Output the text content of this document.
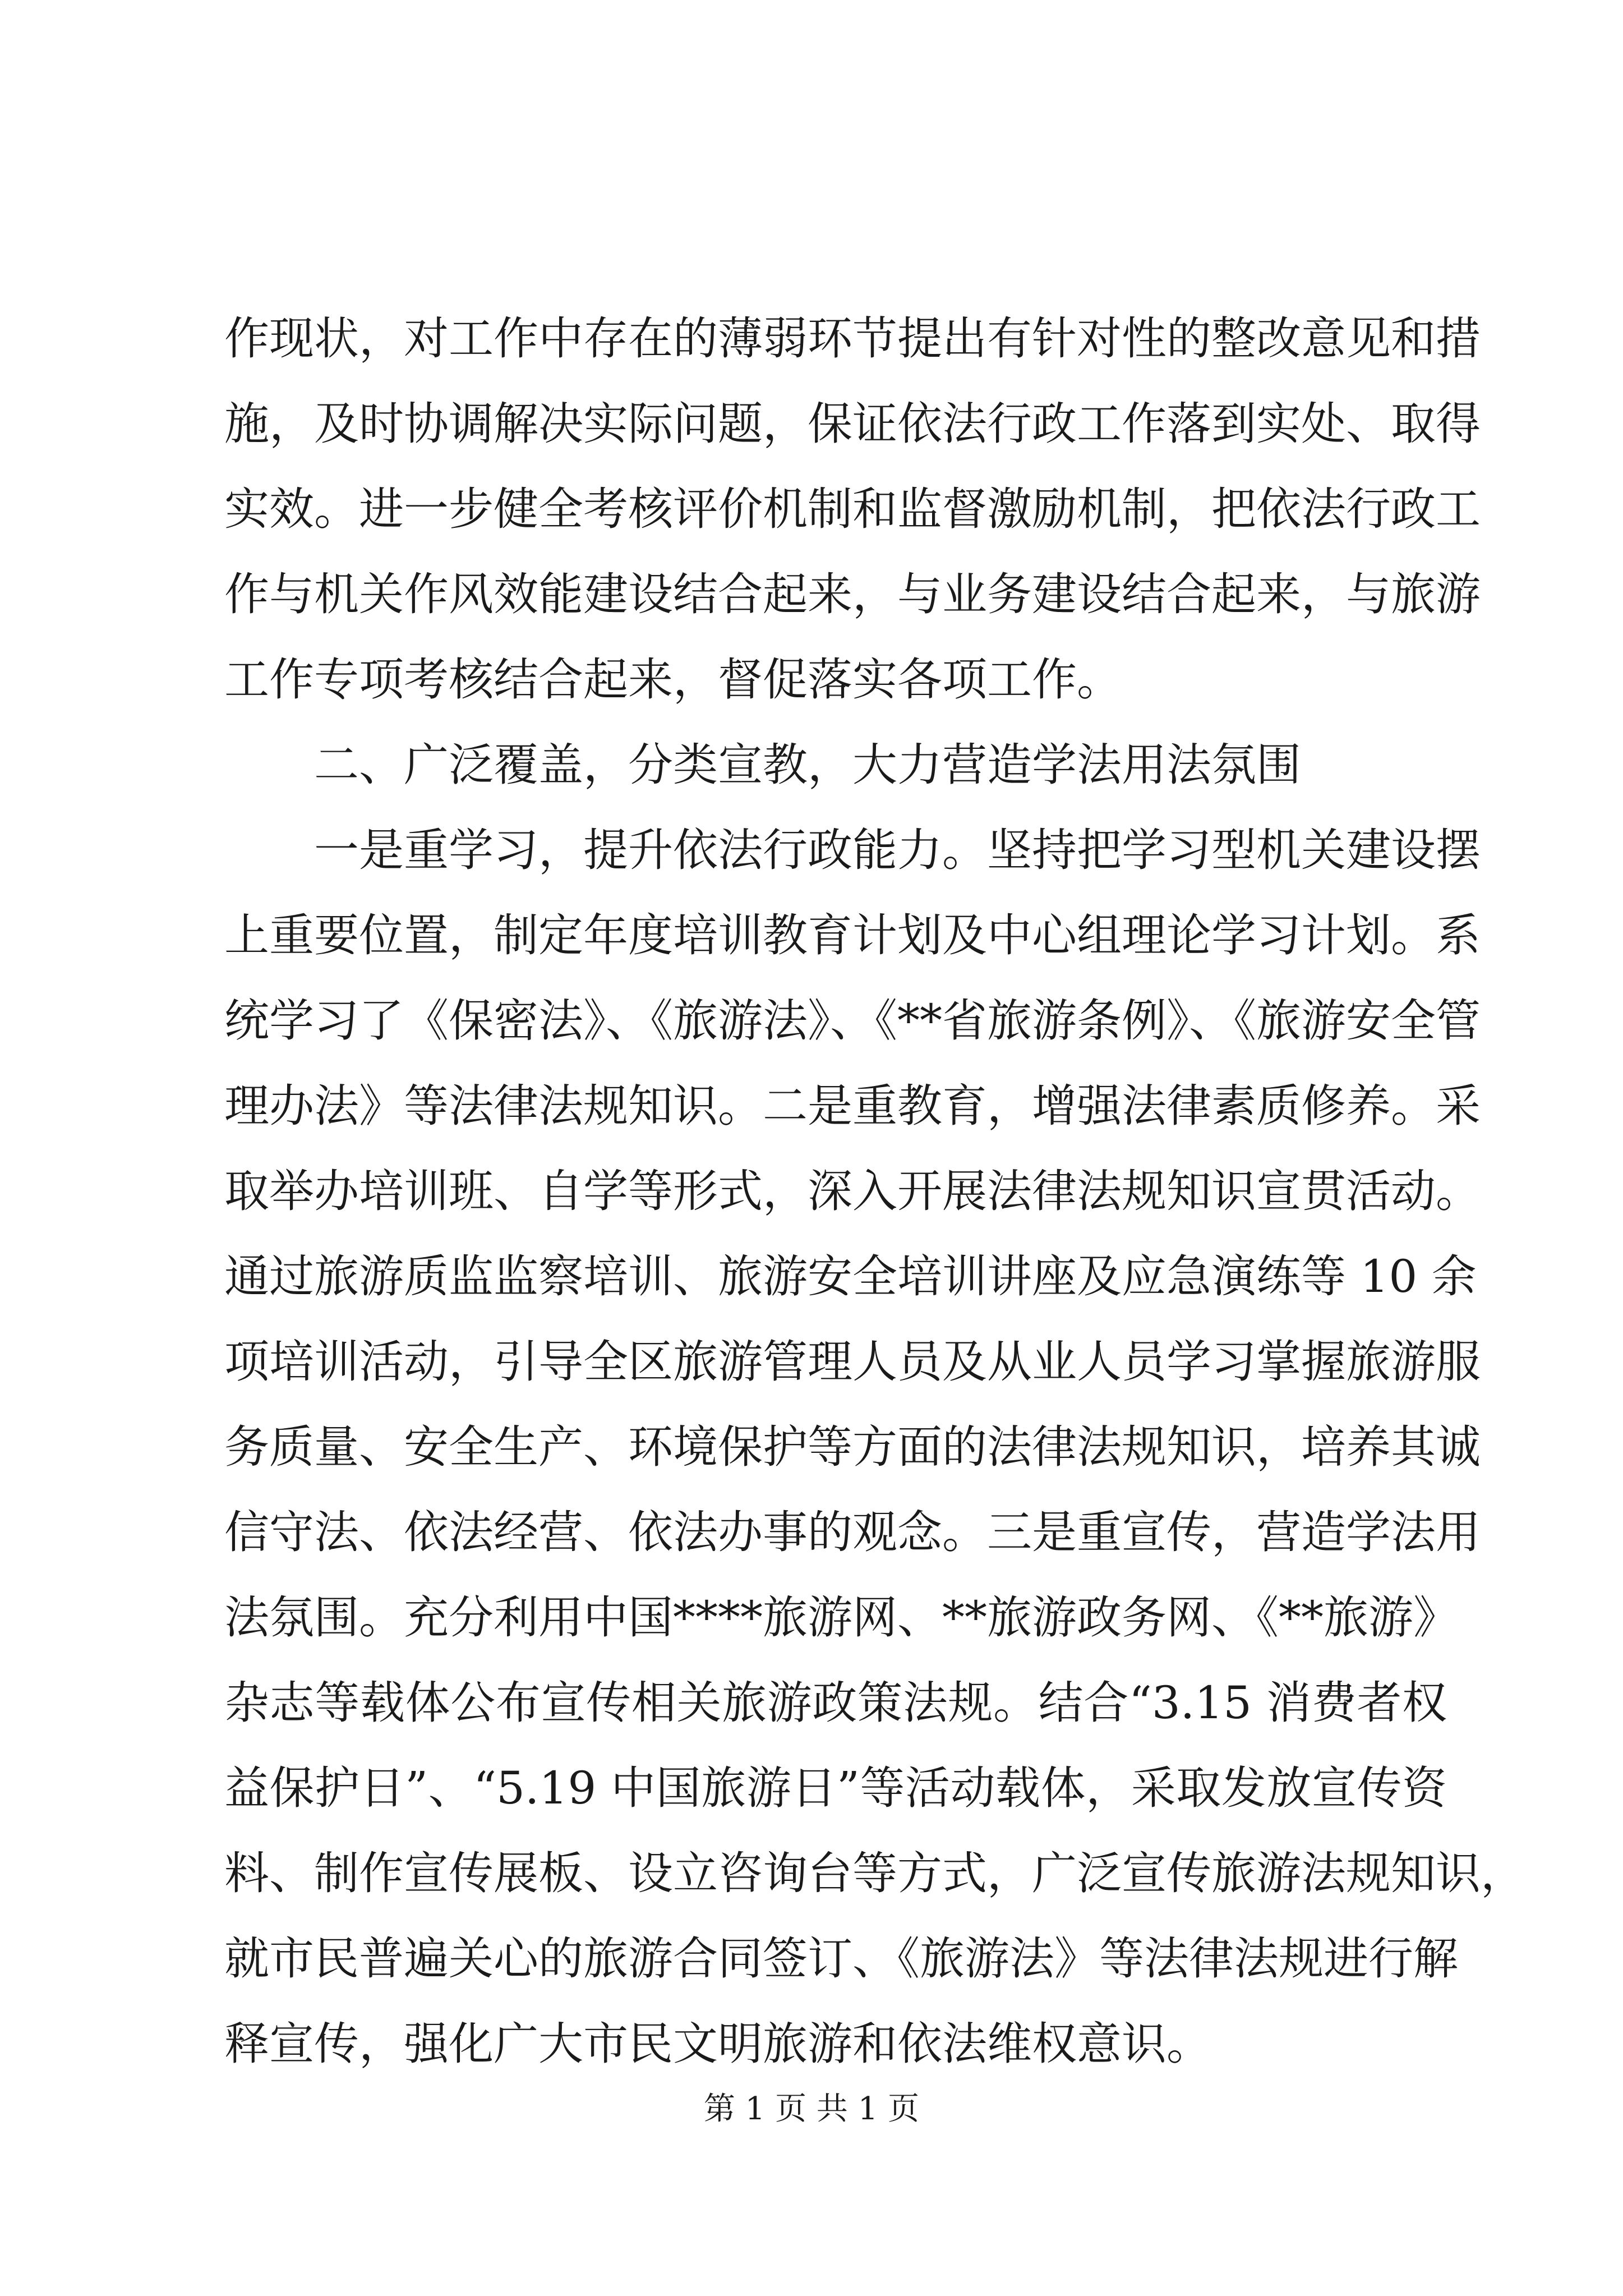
作现状，对工作中存在的薄弱环节提出有针对性的整改意见和措
施，及时协调解决实际问题，保证依法行政工作落到实处、取得
实效。进一步健全考核评价机制和监督激励机制，把依法行政工
作与机关作风效能建设结合起来，与业务建设结合起来，与旅游
工作专项考核结合起来，督促落实各项工作。
二、广泛覆盖，分类宣教，大力营造学法用法氛围
一是重学习，提升依法行政能力。坚持把学习型机关建设摆
上重要位置，制定年度培训教育计划及中心组理论学习计划。系
统学习了《保密法》、《旅游法》、《**省旅游条例》、《旅游安全管
理办法》等法律法规知识。二是重教育，增强法律素质修养。采
取举办培训班、自学等形式，深入开展法律法规知识宣贯活动。
通过旅游质监监察培训、旅游安全培训讲座及应急演练等 10 余
项培训活动，引导全区旅游管理人员及从业人员学习掌握旅游服
务质量、安全生产、环境保护等方面的法律法规知识，培养其诚
信守法、依法经营、依法办事的观念。三是重宣传，营造学法用
法氛围。充分利用中国****旅游网、**旅游政务网、《**旅游》
杂志等载体公布宣传相关旅游政策法规。结合“3.15 消费者权
益保护日”、“5.19 中国旅游日”等活动载体，采取发放宣传资
料、制作宣传展板、设立咨询台等方式，广泛宣传旅游法规知识，
就市民普遍关心的旅游合同签订、《旅游法》等法律法规进行解
释宣传，强化广大市民文明旅游和依法维权意识。
第 1 页 共 1 页
